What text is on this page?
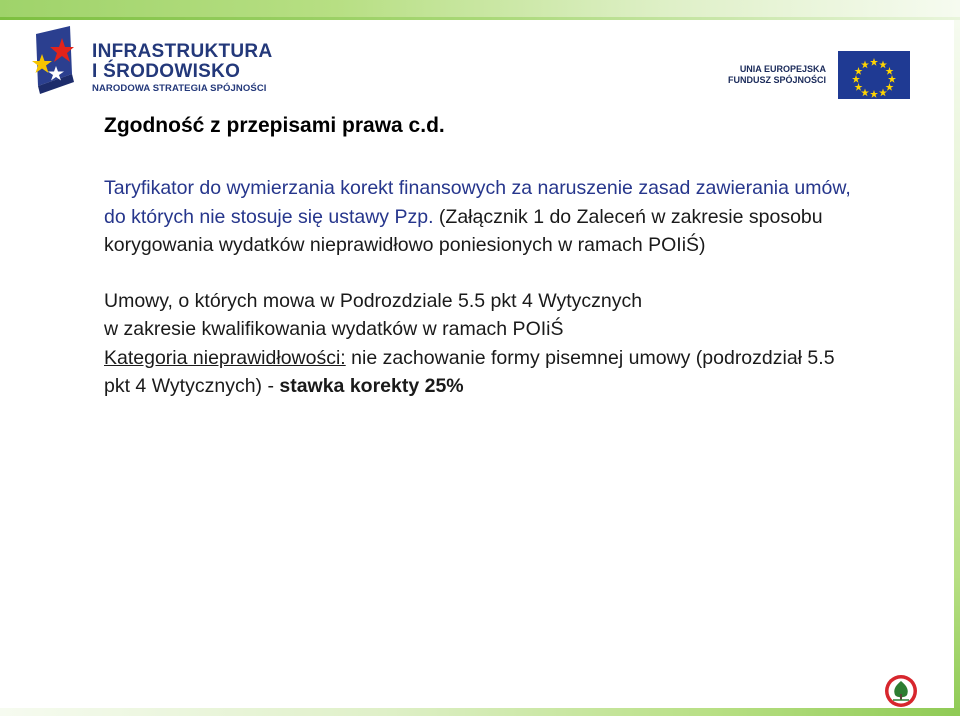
INFRASTRUKTURA
I ŚRODOWISKO
NARODOWA STRATEGIA SPÓJNOŚCI
UNIA EUROPEJSKA
FUNDUSZ SPÓJNOŚCI
Zgodność z przepisami prawa c.d.
Taryfikator do wymierzania korekt finansowych za naruszenie zasad zawierania umów, do których nie stosuje się ustawy Pzp. (Załącznik 1 do Zaleceń w zakresie sposobu korygowania wydatków nieprawidłowo poniesionych w ramach POIiŚ)
Umowy, o których mowa w Podrozdziale 5.5 pkt 4 Wytycznych
w zakresie kwalifikowania wydatków w ramach POIiŚ
Kategoria nieprawidłowości: nie zachowanie formy pisemnej umowy (podrozdział 5.5 pkt 4 Wytycznych) - stawka korekty 25%
